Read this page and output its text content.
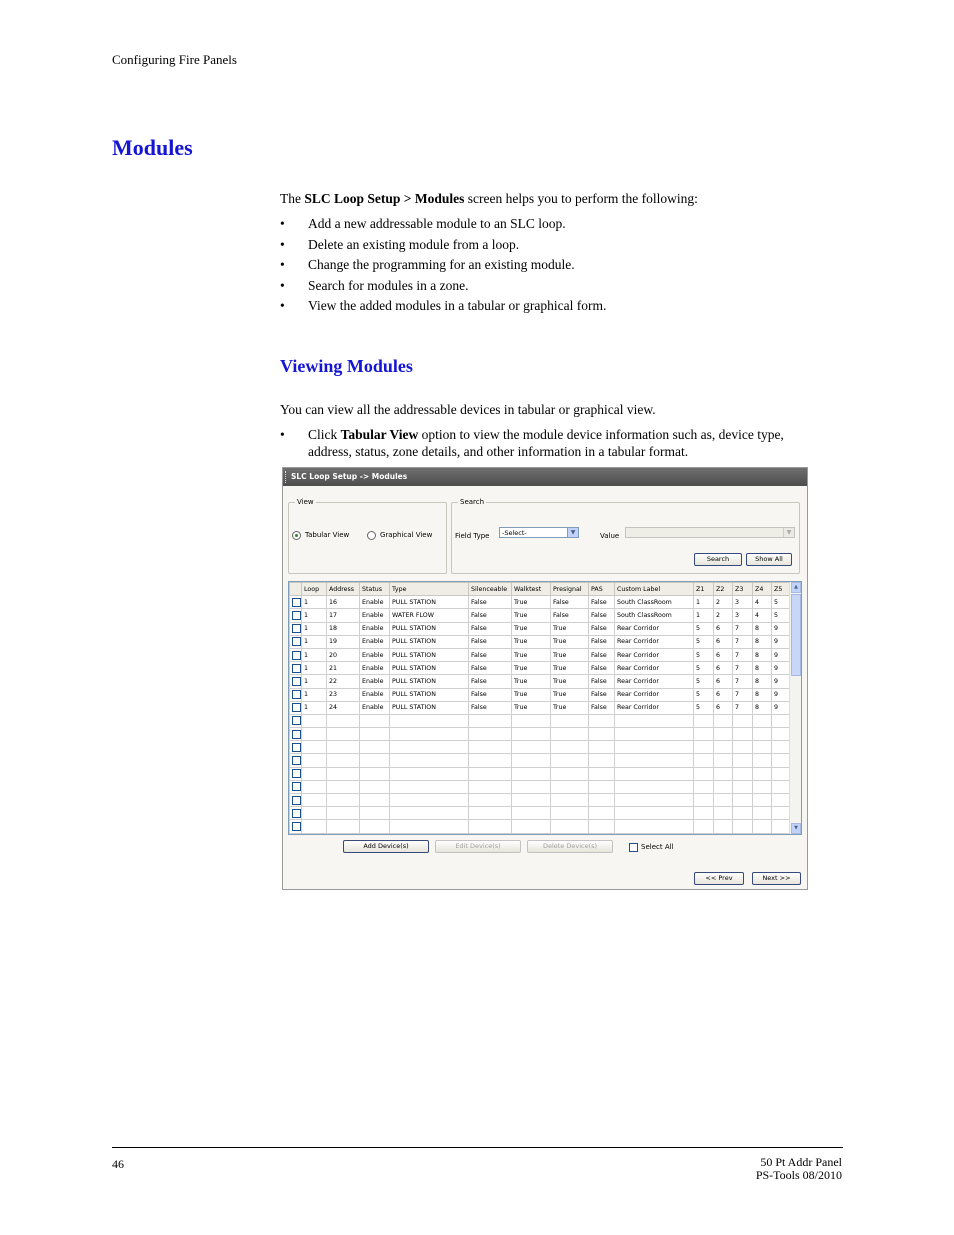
Configuring Fire Panels
Modules
The SLC Loop Setup > Modules screen helps you to perform the following:
• Add a new addressable module to an SLC loop.
• Delete an existing module from a loop.
• Change the programming for an existing module.
• Search for modules in a zone.
• View the added modules in a tabular or graphical form.
Viewing Modules
You can view all the addressable devices in tabular or graphical view.
• Click Tabular View option to view the module device information such as, device type, address, status, zone details, and other information in a tabular format.
SLC Loop Setup -> Modules
View
Tabular View	Graphical View
Search
Field Type	-Select-	▼	Value	▼
Search	Show All
	Loop	Address	Status	Type	Silenceable	Walktest	Presignal	PAS	Custom Label	Z1	Z2	Z3	Z4	Z5
	1	16	Enable	PULL STATION	False	True	False	False	South ClassRoom	1	2	3	4	5
	1	17	Enable	WATER FLOW	False	True	False	False	South ClassRoom	1	2	3	4	5
	1	18	Enable	PULL STATION	False	True	True	False	Rear Corridor	5	6	7	8	9
	1	19	Enable	PULL STATION	False	True	True	False	Rear Corridor	5	6	7	8	9
	1	20	Enable	PULL STATION	False	True	True	False	Rear Corridor	5	6	7	8	9
	1	21	Enable	PULL STATION	False	True	True	False	Rear Corridor	5	6	7	8	9
	1	22	Enable	PULL STATION	False	True	True	False	Rear Corridor	5	6	7	8	9
	1	23	Enable	PULL STATION	False	True	True	False	Rear Corridor	5	6	7	8	9
	1	24	Enable	PULL STATION	False	True	True	False	Rear Corridor	5	6	7	8	9

▲
▼
Add Device(s)	Edit Device(s)	Delete Device(s)	Select All
<< Prev	Next >>
46	50 Pt Addr Panel
PS-Tools 08/2010
